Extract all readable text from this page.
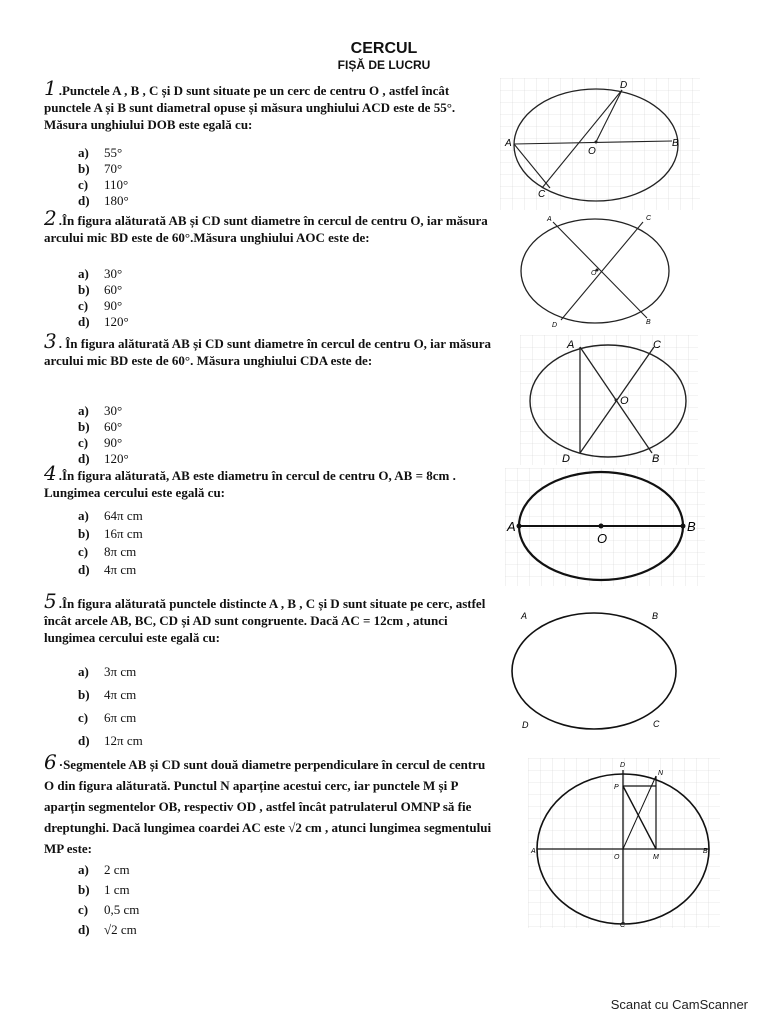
CERCUL
FIȘĂ DE LUCRU
1 .Punctele A , B , C și D sunt situate pe un cerc de centru O , astfel încât punctele A și B sunt diametral opuse și măsura unghiului ACD este de 55°. Măsura unghiului DOB este egală cu:
a) 55°
b) 70°
c) 110°
d) 180°
A	B
C
D
O
2 .În figura alăturată AB și CD sunt diametre în cercul de centru O, iar măsura arcului mic BD este de 60°.Măsura unghiului AOC este de:
a) 30°
b) 60°
c) 90°
d) 120°
A	C
D	B
O
3 . În figura alăturată AB și CD sunt diametre în cercul de centru O, iar măsura arcului mic BD este de 60°. Măsura unghiului CDA este de:
a) 30°
b) 60°
c) 90°
d) 120°
A	C
D	B
O
4 .În figura alăturată, AB este diametru în cercul de centru O, AB = 8cm . Lungimea cercului este egală cu:
a) 64π cm
b) 16π cm
c) 8π cm
d) 4π cm
A	B
O
5 .În figura alăturată punctele distincte A , B , C și D sunt situate pe cerc, astfel încât arcele AB, BC, CD și AD sunt congruente. Dacă AC = 12cm , atunci lungimea cercului este egală cu:
a) 3π cm
b) 4π cm
c) 6π cm
d) 12π cm
A	B
D	C
6 ·Segmentele AB și CD sunt două diametre perpendiculare în cercul de centru O din figura alăturată. Punctul N aparține acestui cerc, iar punctele M și P aparțin segmentelor OB, respectiv OD , astfel încât patrulaterul OMNP să fie dreptunghi. Dacă lungimea coardei AC este √2 cm , atunci lungimea segmentului MP este:
a) 2 cm
b) 1 cm
c) 0,5 cm
d) √2 cm
A	B
D
C
O	M
N
P
Scanat cu CamScanner
